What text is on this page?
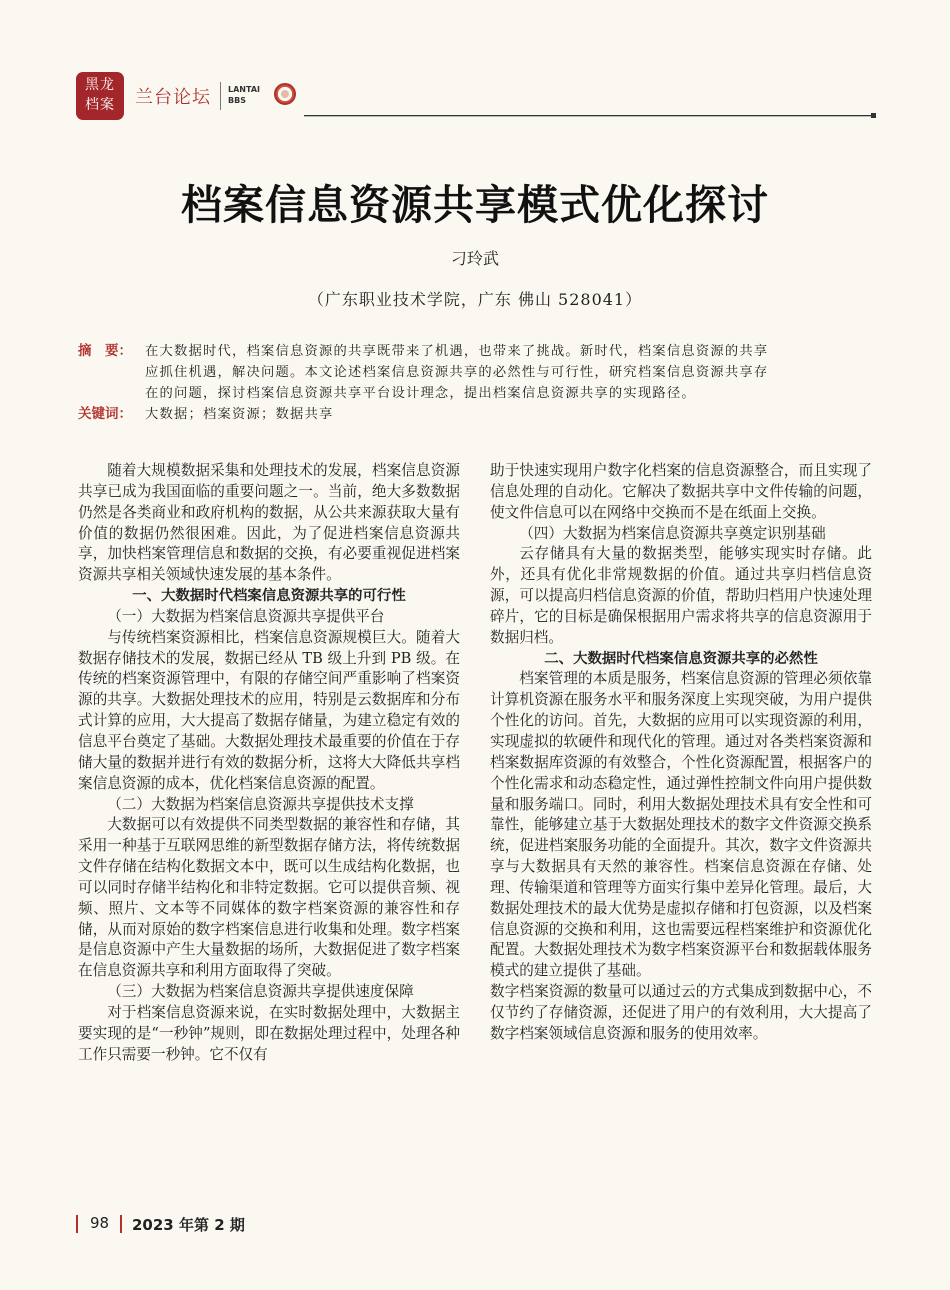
黑龙
档案	兰台论坛 LANTAI
BBS
档案信息资源共享模式优化探讨
刁玲武
（广东职业技术学院，广东 佛山 528041）
摘　要： 在大数据时代，档案信息资源的共享既带来了机遇，也带来了挑战。新时代，档案信息资源的共享
应抓住机遇，解决问题。本文论述档案信息资源共享的必然性与可行性，研究档案信息资源共享存
在的问题，探讨档案信息资源共享平台设计理念，提出档案信息资源共享的实现路径。
关键词： 大数据；档案资源；数据共享

随着大规模数据采集和处理技术的发展，档案信息资源共享已成为我国面临的重要问题之一。当前，绝大多数数据仍然是各类商业和政府机构的数据，从公共来源获取大量有价值的数据仍然很困难。因此，为了促进档案信息资源共享，加快档案管理信息和数据的交换，有必要重视促进档案资源共享相关领域快速发展的基本条件。

一、大数据时代档案信息资源共享的可行性
（一）大数据为档案信息资源共享提供平台

与传统档案资源相比，档案信息资源规模巨大。随着大数据存储技术的发展，数据已经从 TB 级上升到 PB 级。在传统的档案资源管理中，有限的存储空间严重影响了档案资源的共享。大数据处理技术的应用，特别是云数据库和分布式计算的应用，大大提高了数据存储量，为建立稳定有效的信息平台奠定了基础。大数据处理技术最重要的价值在于存储大量的数据并进行有效的数据分析，这将大大降低共享档案信息资源的成本，优化档案信息资源的配置。

（二）大数据为档案信息资源共享提供技术支撑

大数据可以有效提供不同类型数据的兼容性和存储，其采用一种基于互联网思维的新型数据存储方法，将传统数据文件存储在结构化数据文本中，既可以生成结构化数据，也可以同时存储半结构化和非特定数据。它可以提供音频、视频、照片、文本等不同媒体的数字档案资源的兼容性和存储，从而对原始的数字档案信息进行收集和处理。数字档案是信息资源中产生大量数据的场所，大数据促进了数字档案在信息资源共享和利用方面取得了突破。

（三）大数据为档案信息资源共享提供速度保障

对于档案信息资源来说，在实时数据处理中，大数据主要实现的是“一秒钟”规则，即在数据处理过程中，处理各种工作只需要一秒钟。它不仅有

助于快速实现用户数字化档案的信息资源整合，而且实现了信息处理的自动化。它解决了数据共享中文件传输的问题，使文件信息可以在网络中交换而不是在纸面上交换。

（四）大数据为档案信息资源共享奠定识别基础

云存储具有大量的数据类型，能够实现实时存储。此外，还具有优化非常规数据的价值。通过共享归档信息资源，可以提高归档信息资源的价值，帮助归档用户快速处理碎片，它的目标是确保根据用户需求将共享的信息资源用于数据归档。

二、大数据时代档案信息资源共享的必然性

档案管理的本质是服务，档案信息资源的管理必须依靠计算机资源在服务水平和服务深度上实现突破，为用户提供个性化的访问。首先，大数据的应用可以实现资源的利用，实现虚拟的软硬件和现代化的管理。通过对各类档案资源和档案数据库资源的有效整合，个性化资源配置，根据客户的个性化需求和动态稳定性，通过弹性控制文件向用户提供数量和服务端口。同时，利用大数据处理技术具有安全性和可靠性，能够建立基于大数据处理技术的数字文件资源交换系统，促进档案服务功能的全面提升。其次，数字文件资源共享与大数据具有天然的兼容性。档案信息资源在存储、处理、传输渠道和管理等方面实行集中差异化管理。最后，大数据处理技术的最大优势是虚拟存储和打包资源，以及档案信息资源的交换和利用，这也需要远程档案维护和资源优化配置。大数据处理技术为数字档案资源平台和数据载体服务模式的建立提供了基础。

数字档案资源的数量可以通过云的方式集成到数据中心，不仅节约了存储资源，还促进了用户的有效利用，大大提高了数字档案领域信息资源和服务的使用效率。

98 2023 年第 2 期
